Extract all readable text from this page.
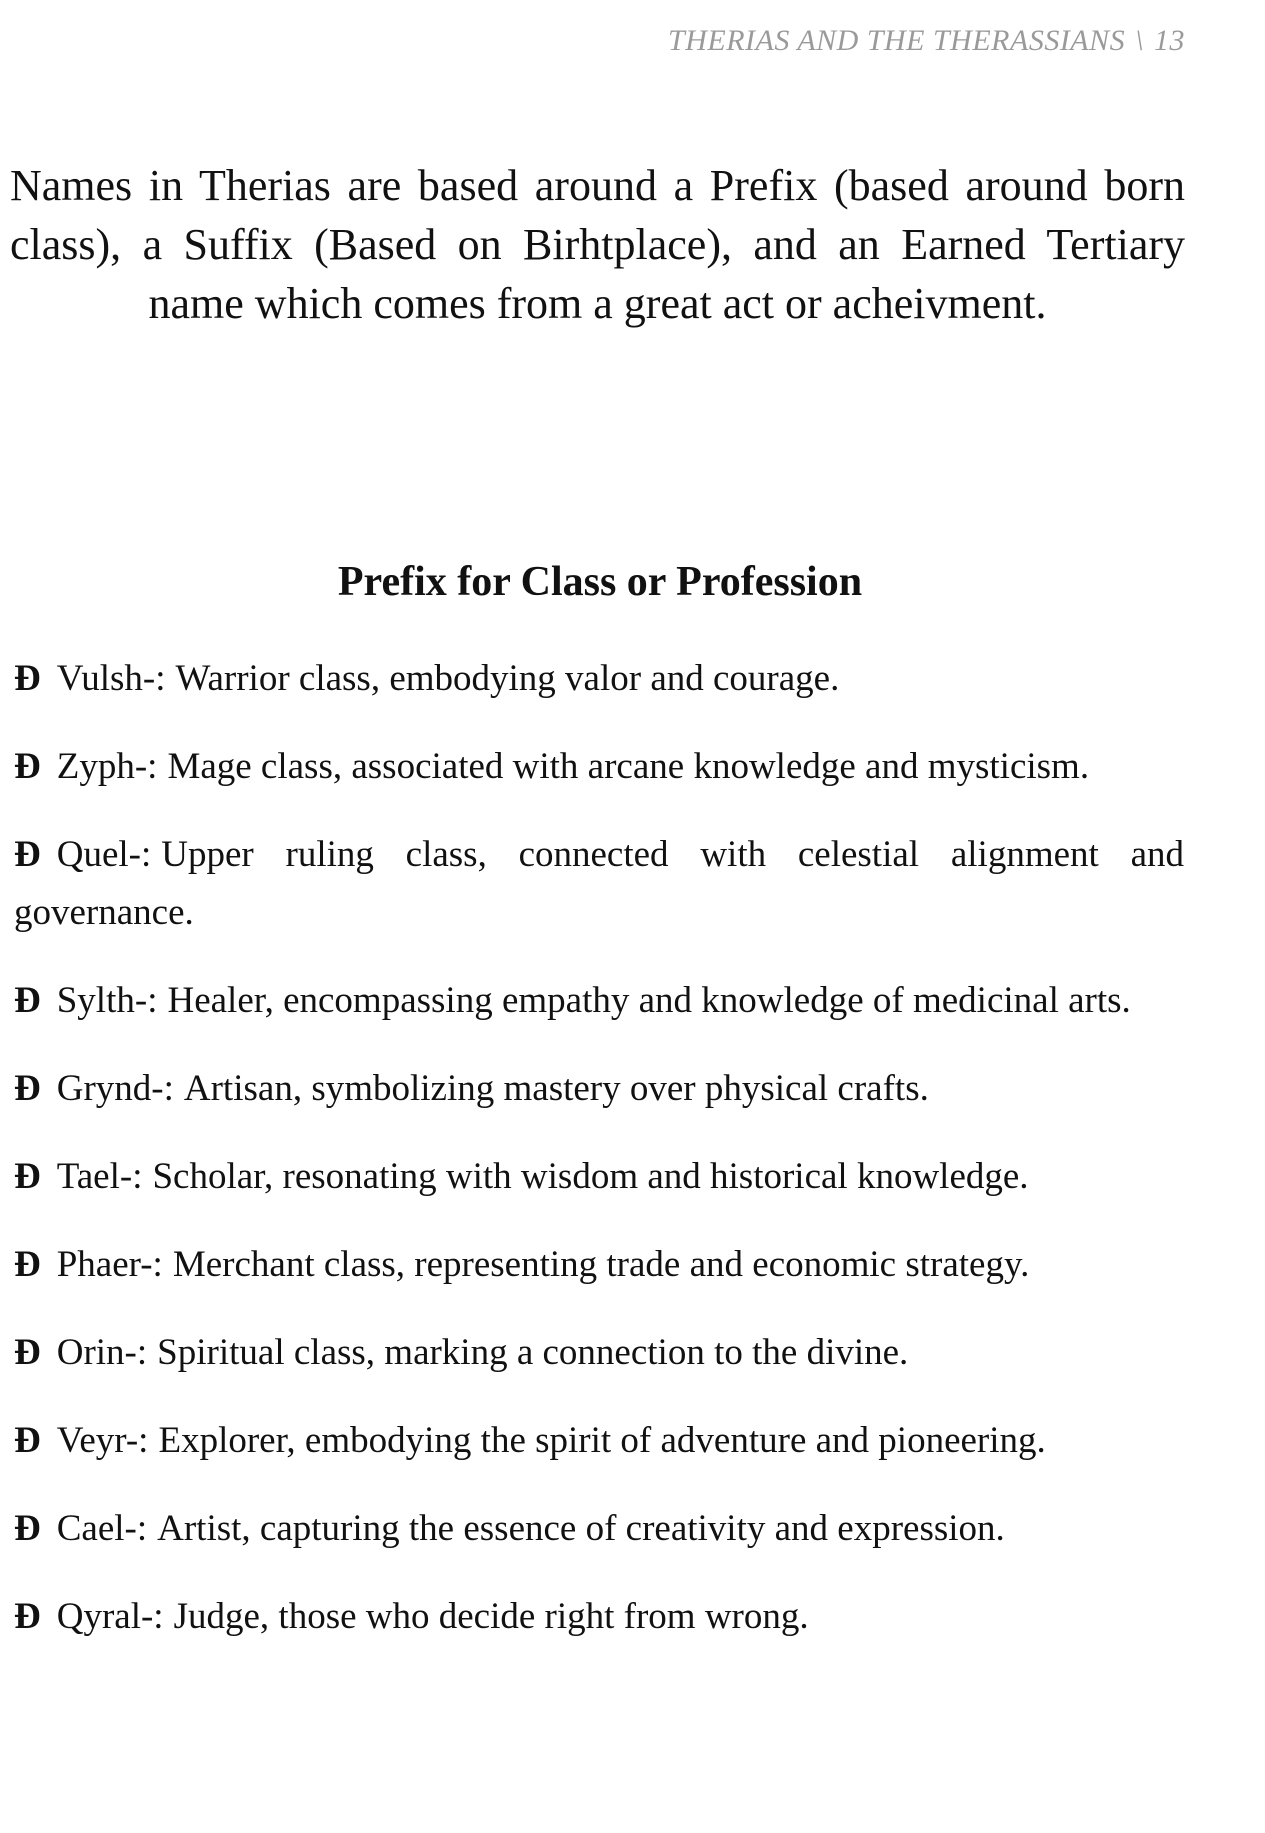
THERIAS AND THE THERASSIANS \ 13

Names in Therias are based around a Prefix (based around born class), a Suffix (Based on Birhtplace), and an Earned Tertiary name which comes from a great act or acheivment.

Prefix for Class or Profession
Ð Vulsh-: Warrior class, embodying valor and courage.
Ð Zyph-: Mage class, associated with arcane knowledge and mysticism.
Ð Quel-: Upper ruling class, connected with celestial alignment and governance.
Ð Sylth-: Healer, encompassing empathy and knowledge of medicinal arts.
Ð Grynd-: Artisan, symbolizing mastery over physical crafts.
Ð Tael-: Scholar, resonating with wisdom and historical knowledge.
Ð Phaer-: Merchant class, representing trade and economic strategy.
Ð Orin-: Spiritual class, marking a connection to the divine.
Ð Veyr-: Explorer, embodying the spirit of adventure and pioneering.
Ð Cael-: Artist, capturing the essence of creativity and expression.
Ð Qyral-: Judge, those who decide right from wrong.
